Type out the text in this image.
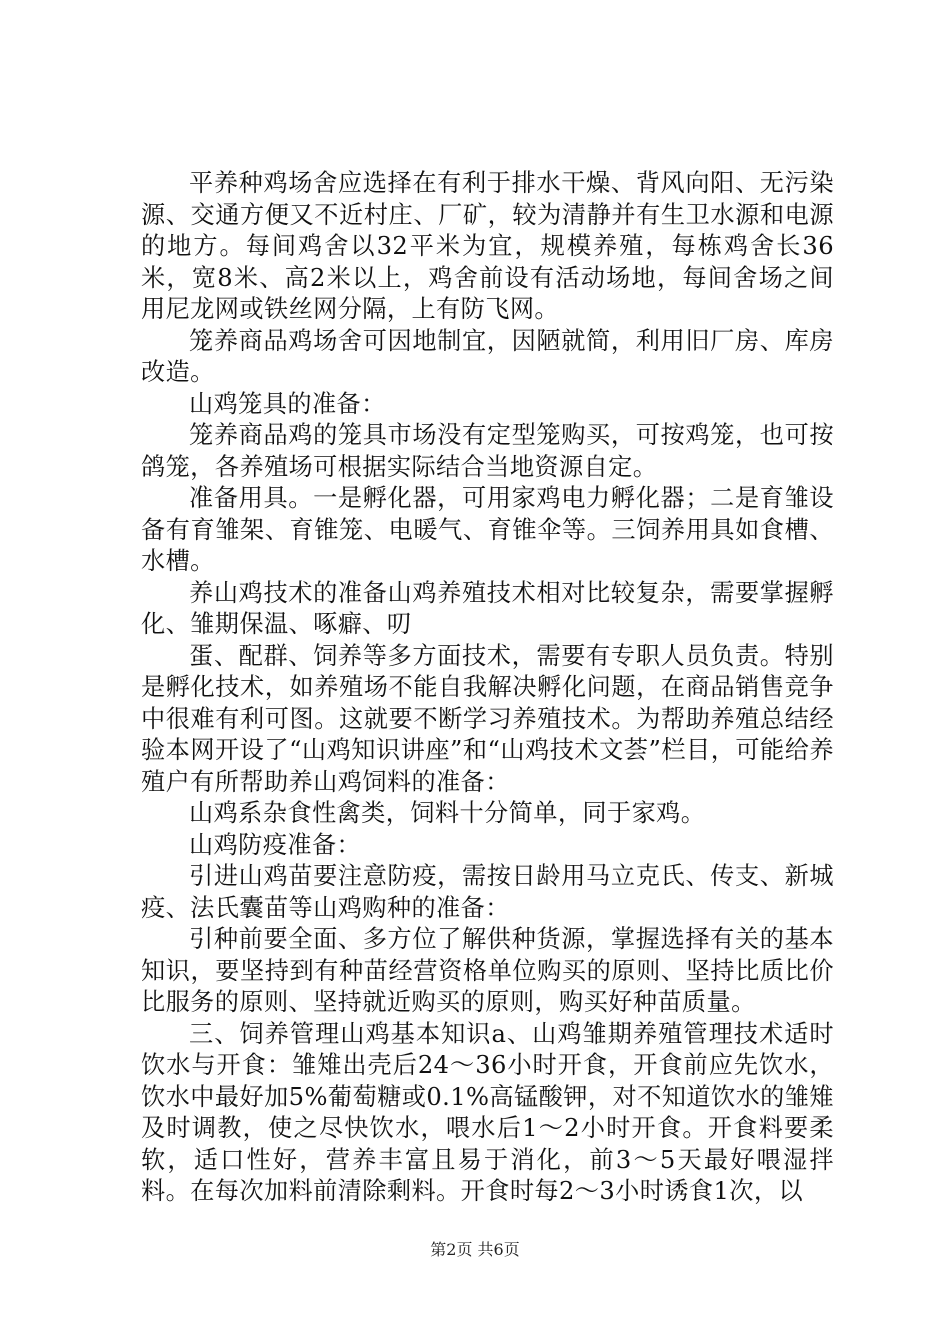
平养种鸡场舍应选择在有利于排水干燥、背风向阳、无污染源、交通方便又不近村庄、厂矿，较为清静并有生卫水源和电源的地方。每间鸡舍以32平米为宜，规模养殖，每栋鸡舍长36米，宽8米、高2米以上，鸡舍前设有活动场地，每间舍场之间用尼龙网或铁丝网分隔，上有防飞网。

笼养商品鸡场舍可因地制宜，因陋就简，利用旧厂房、库房改造。

山鸡笼具的准备：

笼养商品鸡的笼具市场没有定型笼购买，可按鸡笼，也可按鸽笼，各养殖场可根据实际结合当地资源自定。

准备用具。一是孵化器，可用家鸡电力孵化器；二是育雏设备有育雏架、育锥笼、电暖气、育锥伞等。三饲养用具如食槽、水槽。

养山鸡技术的准备山鸡养殖技术相对比较复杂，需要掌握孵化、雏期保温、啄癖、叨

蛋、配群、饲养等多方面技术，需要有专职人员负责。特别是孵化技术，如养殖场不能自我解决孵化问题，在商品销售竞争中很难有利可图。这就要不断学习养殖技术。为帮助养殖总结经验本网开设了“山鸡知识讲座”和“山鸡技术文荟”栏目，可能给养殖户有所帮助养山鸡饲料的准备：

山鸡系杂食性禽类，饲料十分简单，同于家鸡。

山鸡防疫准备：

引进山鸡苗要注意防疫，需按日龄用马立克氏、传支、新城疫、法氏囊苗等山鸡购种的准备：

引种前要全面、多方位了解供种货源，掌握选择有关的基本知识，要坚持到有种苗经营资格单位购买的原则、坚持比质比价比服务的原则、坚持就近购买的原则，购买好种苗质量。

三、饲养管理山鸡基本知识a、山鸡雏期养殖管理技术适时饮水与开食：雏雉出壳后24～36小时开食，开食前应先饮水，饮水中最好加5%葡萄糖或0.1%高锰酸钾，对不知道饮水的雏雉及时调教，使之尽快饮水，喂水后1～2小时开食。开食料要柔软，适口性好，营养丰富且易于消化，前3～5天最好喂湿拌料。在每次加料前清除剩料。开食时每2～3小时诱食1次，以

第2页 共6页
